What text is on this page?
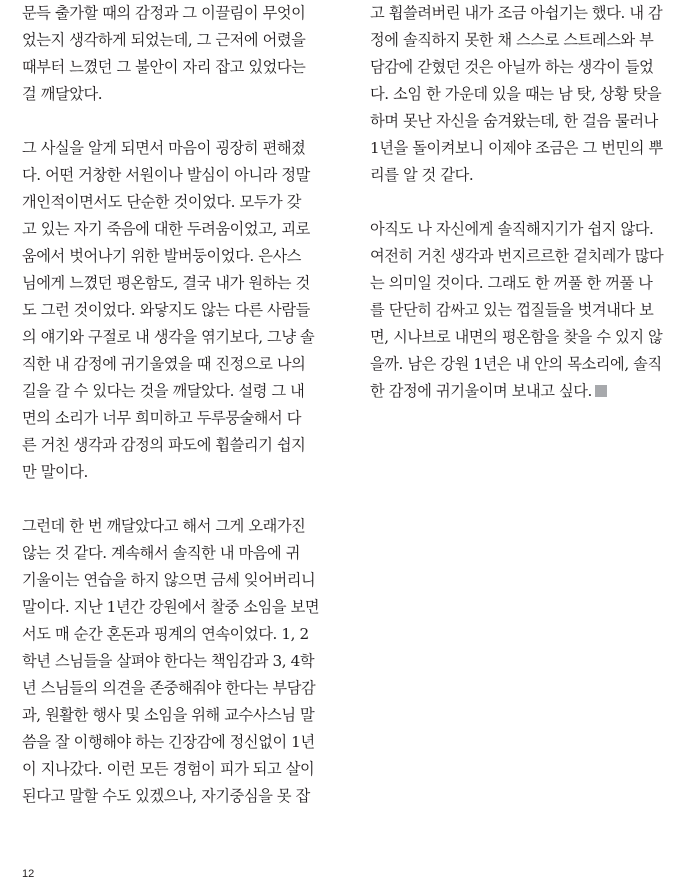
문득 출가할 때의 감정과 그 이끌림이 무엇이
었는지 생각하게 되었는데, 그 근저에 어렸을
때부터 느꼈던 그 불안이 자리 잡고 있었다는
걸 깨달았다.
그 사실을 알게 되면서 마음이 굉장히 편해졌
다. 어떤 거창한 서원이나 발심이 아니라 정말
개인적이면서도 단순한 것이었다. 모두가 갖
고 있는 자기 죽음에 대한 두려움이었고, 괴로
움에서 벗어나기 위한 발버둥이었다. 은사스
님에게 느꼈던 평온함도, 결국 내가 원하는 것
도 그런 것이었다. 와닿지도 않는 다른 사람들
의 얘기와 구절로 내 생각을 엮기보다, 그냥 솔
직한 내 감정에 귀기울였을 때 진정으로 나의
길을 갈 수 있다는 것을 깨달았다. 설령 그 내
면의 소리가 너무 희미하고 두루뭉술해서 다
른 거친 생각과 감정의 파도에 휩쓸리기 쉽지
만 말이다.
그런데 한 번 깨달았다고 해서 그게 오래가진
않는 것 같다. 계속해서 솔직한 내 마음에 귀
기울이는 연습을 하지 않으면 금세 잊어버리니
말이다. 지난 1년간 강원에서 찰중 소임을 보면
서도 매 순간 혼돈과 핑계의 연속이었다. 1, 2
학년 스님들을 살펴야 한다는 책임감과 3, 4학
년 스님들의 의견을 존중해줘야 한다는 부담감
과, 원활한 행사 및 소임을 위해 교수사스님 말
씀을 잘 이행해야 하는 긴장감에 정신없이 1년
이 지나갔다. 이런 모든 경험이 피가 되고 살이
된다고 말할 수도 있겠으나, 자기중심을 못 잡
고 휩쓸려버린 내가 조금 아쉽기는 했다. 내 감
정에 솔직하지 못한 채 스스로 스트레스와 부
담감에 갇혔던 것은 아닐까 하는 생각이 들었
다. 소임 한 가운데 있을 때는 남 탓, 상황 탓을
하며 못난 자신을 숨겨왔는데, 한 걸음 물러나
1년을 돌이켜보니 이제야 조금은 그 번민의 뿌
리를 알 것 같다.
아직도 나 자신에게 솔직해지기가 쉽지 않다.
여전히 거친 생각과 번지르르한 겉치레가 많다
는 의미일 것이다. 그래도 한 꺼풀 한 꺼풀 나
를 단단히 감싸고 있는 껍질들을 벗겨내다 보
면, 시나브로 내면의 평온함을 찾을 수 있지 않
을까. 남은 강원 1년은 내 안의 목소리에, 솔직
한 감정에 귀기울이며 보내고 싶다.
12
